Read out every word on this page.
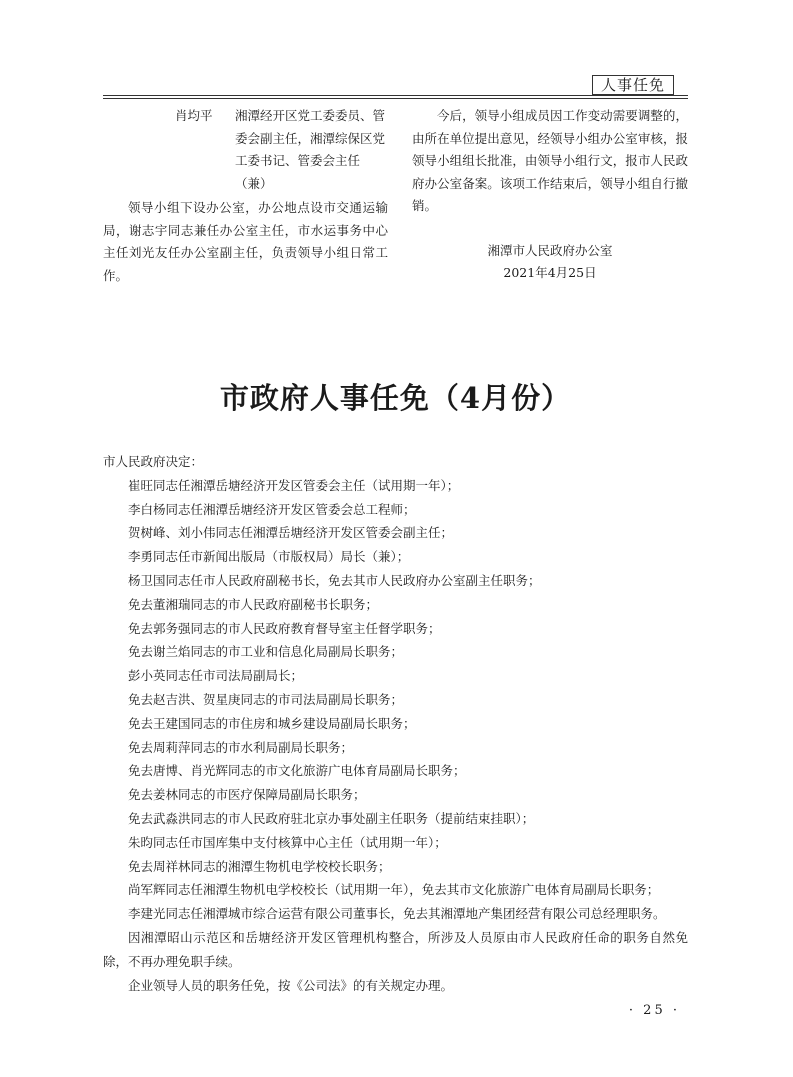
人事任免
肖均平	湘潭经开区党工委委员、管委会副主任，湘潭综保区党工委书记、管委会主任（兼）
领导小组下设办公室，办公地点设市交通运输局，谢志宇同志兼任办公室主任，市水运事务中心主任刘光友任办公室副主任，负责领导小组日常工作。
今后，领导小组成员因工作变动需要调整的，由所在单位提出意见，经领导小组办公室审核，报领导小组组长批准，由领导小组行文，报市人民政府办公室备案。该项工作结束后，领导小组自行撤销。
湘潭市人民政府办公室
2021年4月25日
市政府人事任免（4月份）
市人民政府决定：
崔旺同志任湘潭岳塘经济开发区管委会主任（试用期一年）；
李白杨同志任湘潭岳塘经济开发区管委会总工程师；
贺树峰、刘小伟同志任湘潭岳塘经济开发区管委会副主任；
李勇同志任市新闻出版局（市版权局）局长（兼）；
杨卫国同志任市人民政府副秘书长，免去其市人民政府办公室副主任职务；
免去董湘瑞同志的市人民政府副秘书长职务；
免去郭务强同志的市人民政府教育督导室主任督学职务；
免去谢兰焰同志的市工业和信息化局副局长职务；
彭小英同志任市司法局副局长；
免去赵吉洪、贺星庚同志的市司法局副局长职务；
免去王建国同志的市住房和城乡建设局副局长职务；
免去周莉萍同志的市水利局副局长职务；
免去唐博、肖光辉同志的市文化旅游广电体育局副局长职务；
免去姜林同志的市医疗保障局副局长职务；
免去武淼洪同志的市人民政府驻北京办事处副主任职务（提前结束挂职）；
朱昀同志任市国库集中支付核算中心主任（试用期一年）；
免去周祥林同志的湘潭生物机电学校校长职务；
尚军辉同志任湘潭生物机电学校校长（试用期一年），免去其市文化旅游广电体育局副局长职务；
李建光同志任湘潭城市综合运营有限公司董事长，免去其湘潭地产集团经营有限公司总经理职务。
因湘潭昭山示范区和岳塘经济开发区管理机构整合，所涉及人员原由市人民政府任命的职务自然免除，不再办理免职手续。
企业领导人员的职务任免，按《公司法》的有关规定办理。
· 25 ·
